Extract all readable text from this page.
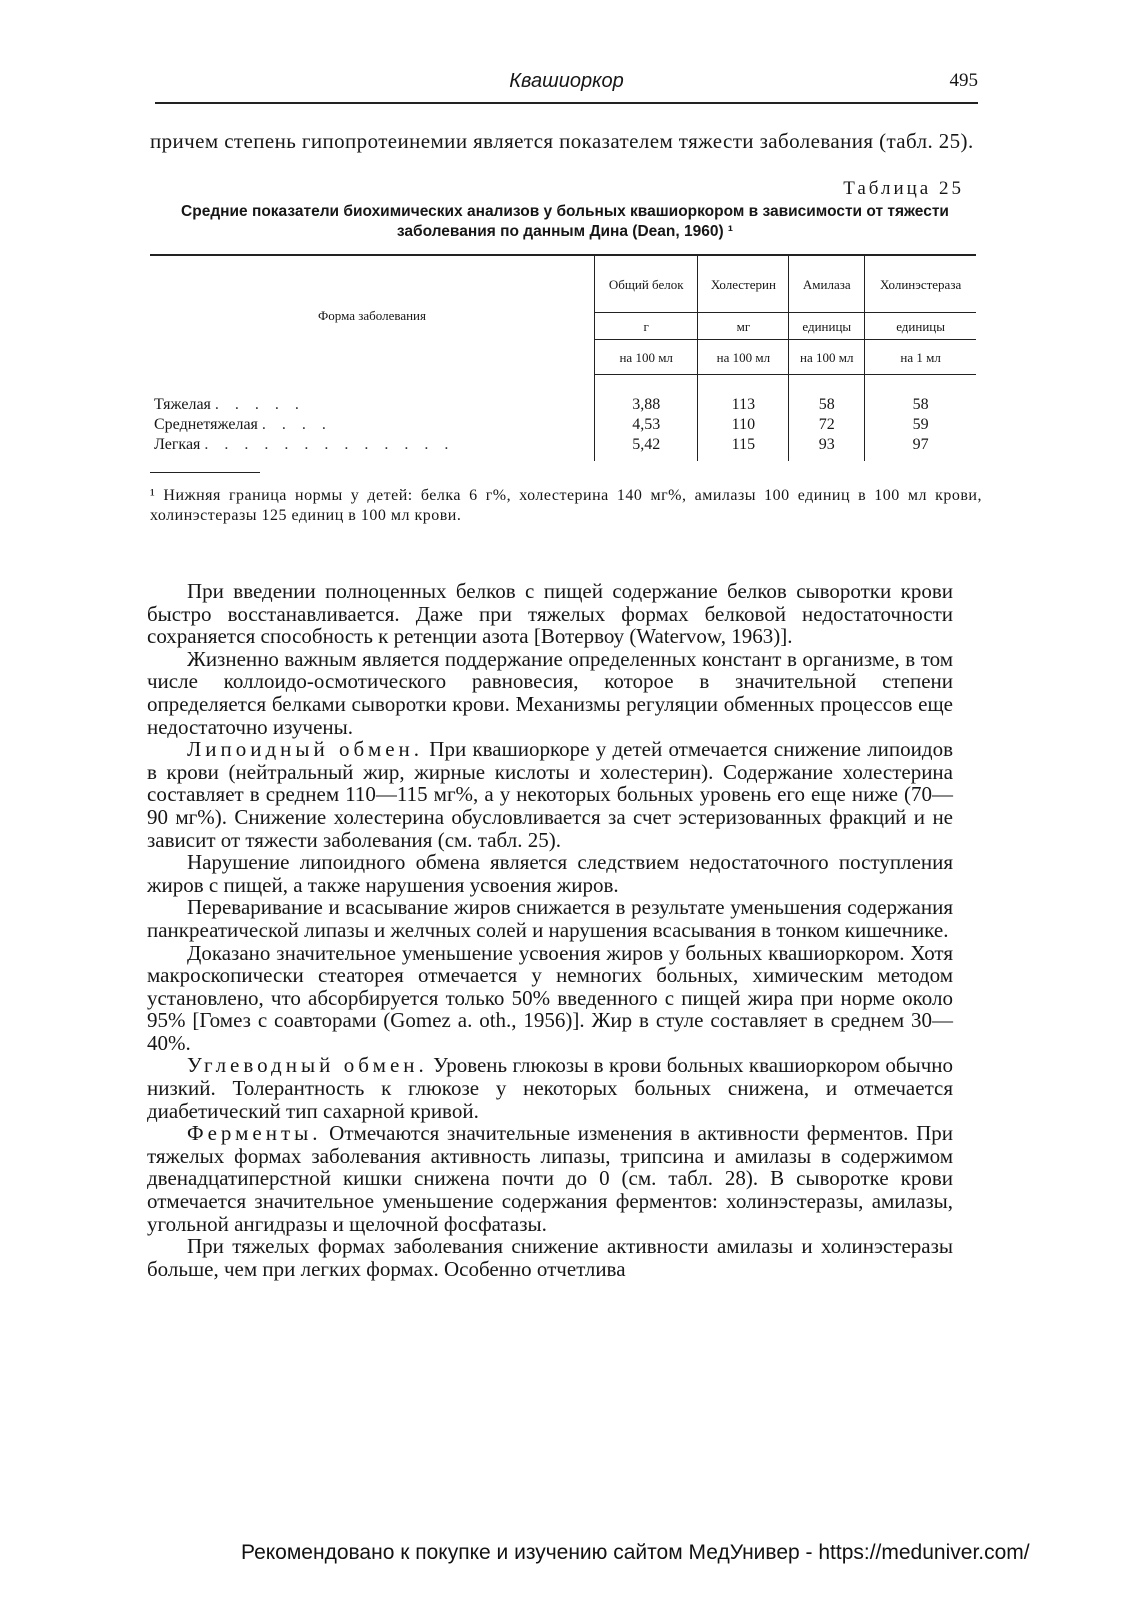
Квашиоркор	495

причем степень гипопротеинемии является показателем тяжести заболевания (табл. 25).

Таблица 25
Средние показатели биохимических анализов у больных квашиоркором в зависимости от тяжести заболевания по данным Дина (Dean, 1960) ¹
Форма заболевания	Общий белок	Холестерин	Амилаза	Холинэстераза
	г	мг	единицы	единицы
	на 100 мл	на 100 мл	на 100 мл	на 1 мл
Тяжелая . . . . .	3,88	113	58	58
Среднетяжелая . . . .	4,53	110	72	59
Легкая . . . . . . . . . . . . .	5,42	115	93	97
¹ Нижняя граница нормы у детей: белка 6 г%, холестерина 140 мг%, амилазы 100 единиц в 100 мл крови, холинэстеразы 125 единиц в 100 мл крови.

При введении полноценных белков с пищей содержание белков сыворотки крови быстро восстанавливается. Даже при тяжелых формах белковой недостаточности сохраняется способность к ретенции азота [Вотервоу (Watervow, 1963)].

Жизненно важным является поддержание определенных констант в организме, в том числе коллоидо-осмотического равновесия, которое в значительной степени определяется белками сыворотки крови. Механизмы регуляции обменных процессов еще недостаточно изучены.

Липоидный обмен. При квашиоркоре у детей отмечается снижение липоидов в крови (нейтральный жир, жирные кислоты и холестерин). Содержание холестерина составляет в среднем 110—115 мг%, а у некоторых больных уровень его еще ниже (70—90 мг%). Снижение холестерина обусловливается за счет эстеризованных фракций и не зависит от тяжести заболевания (см. табл. 25).

Нарушение липоидного обмена является следствием недостаточного поступления жиров с пищей, а также нарушения усвоения жиров.

Переваривание и всасывание жиров снижается в результате уменьшения содержания панкреатической липазы и желчных солей и нарушения всасывания в тонком кишечнике.

Доказано значительное уменьшение усвоения жиров у больных квашиоркором. Хотя макроскопически стеаторея отмечается у немногих больных, химическим методом установлено, что абсорбируется только 50% введенного с пищей жира при норме около 95% [Гомез с соавторами (Gomez a. oth., 1956)]. Жир в стуле составляет в среднем 30—40%.

Углеводный обмен. Уровень глюкозы в крови больных квашиоркором обычно низкий. Толерантность к глюкозе у некоторых больных снижена, и отмечается диабетический тип сахарной кривой.

Ферменты. Отмечаются значительные изменения в активности ферментов. При тяжелых формах заболевания активность липазы, трипсина и амилазы в содержимом двенадцатиперстной кишки снижена почти до 0 (см. табл. 28). В сыворотке крови отмечается значительное уменьшение содержания ферментов: холинэстеразы, амилазы, угольной ангидразы и щелочной фосфатазы.

При тяжелых формах заболевания снижение активности амилазы и холинэстеразы больше, чем при легких формах. Особенно отчетлива

Рекомендовано к покупке и изучению сайтом МедУнивер - https://meduniver.com/
